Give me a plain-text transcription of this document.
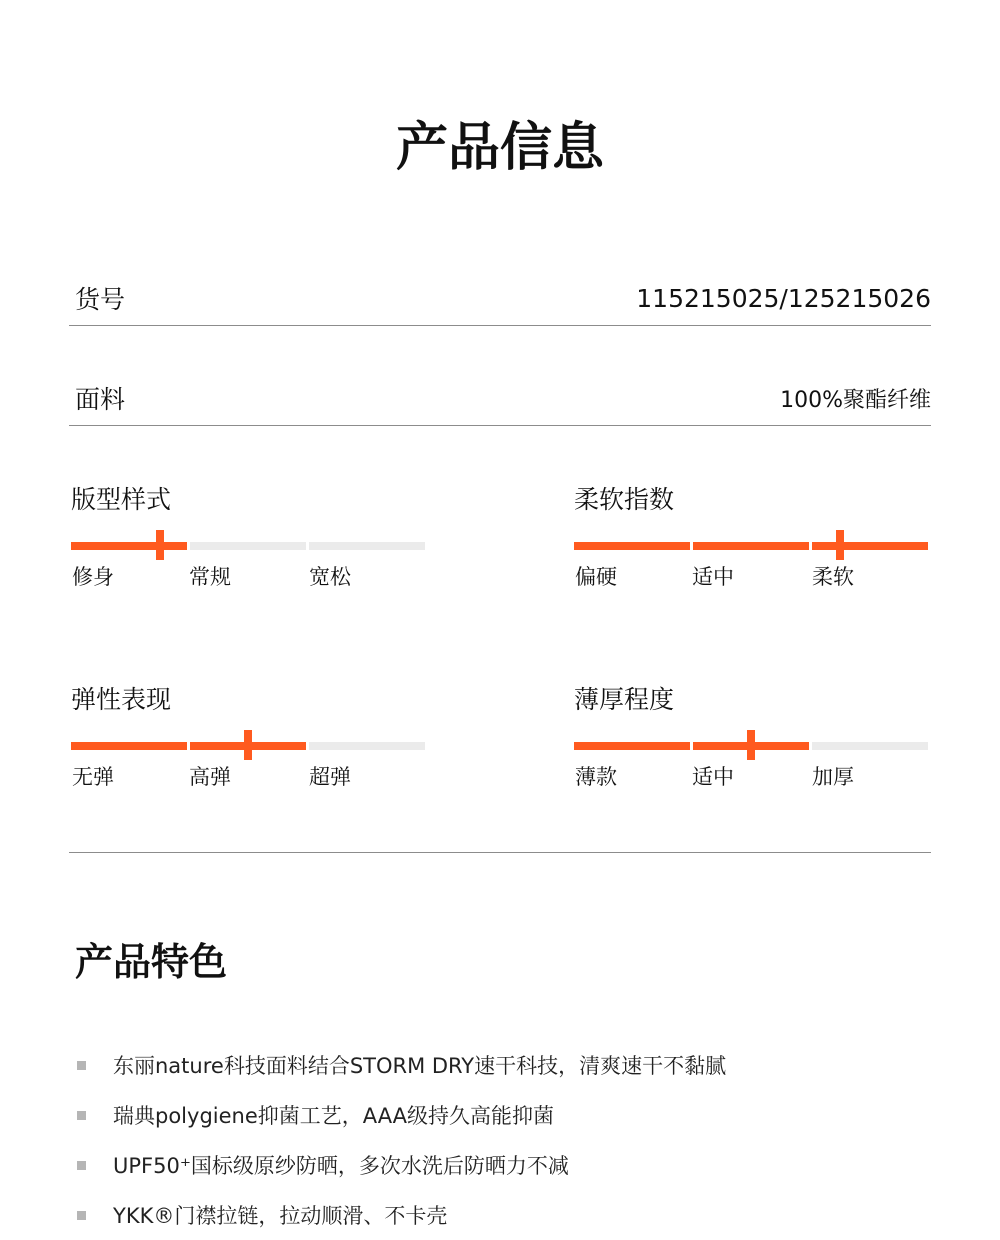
产品信息
货号	115215025/125215026
面料	100%聚酯纤维
版型样式
修身	常规	宽松
柔软指数
偏硬	适中	柔软
弹性表现
无弹	高弹	超弹
薄厚程度
薄款	适中	加厚
产品特色
东丽nature科技面料结合STORM DRY速干科技，清爽速干不黏腻
瑞典polygiene抑菌工艺，AAA级持久高能抑菌
UPF50⁺国标级原纱防晒，多次水洗后防晒力不减
YKK®门襟拉链，拉动顺滑、不卡壳
